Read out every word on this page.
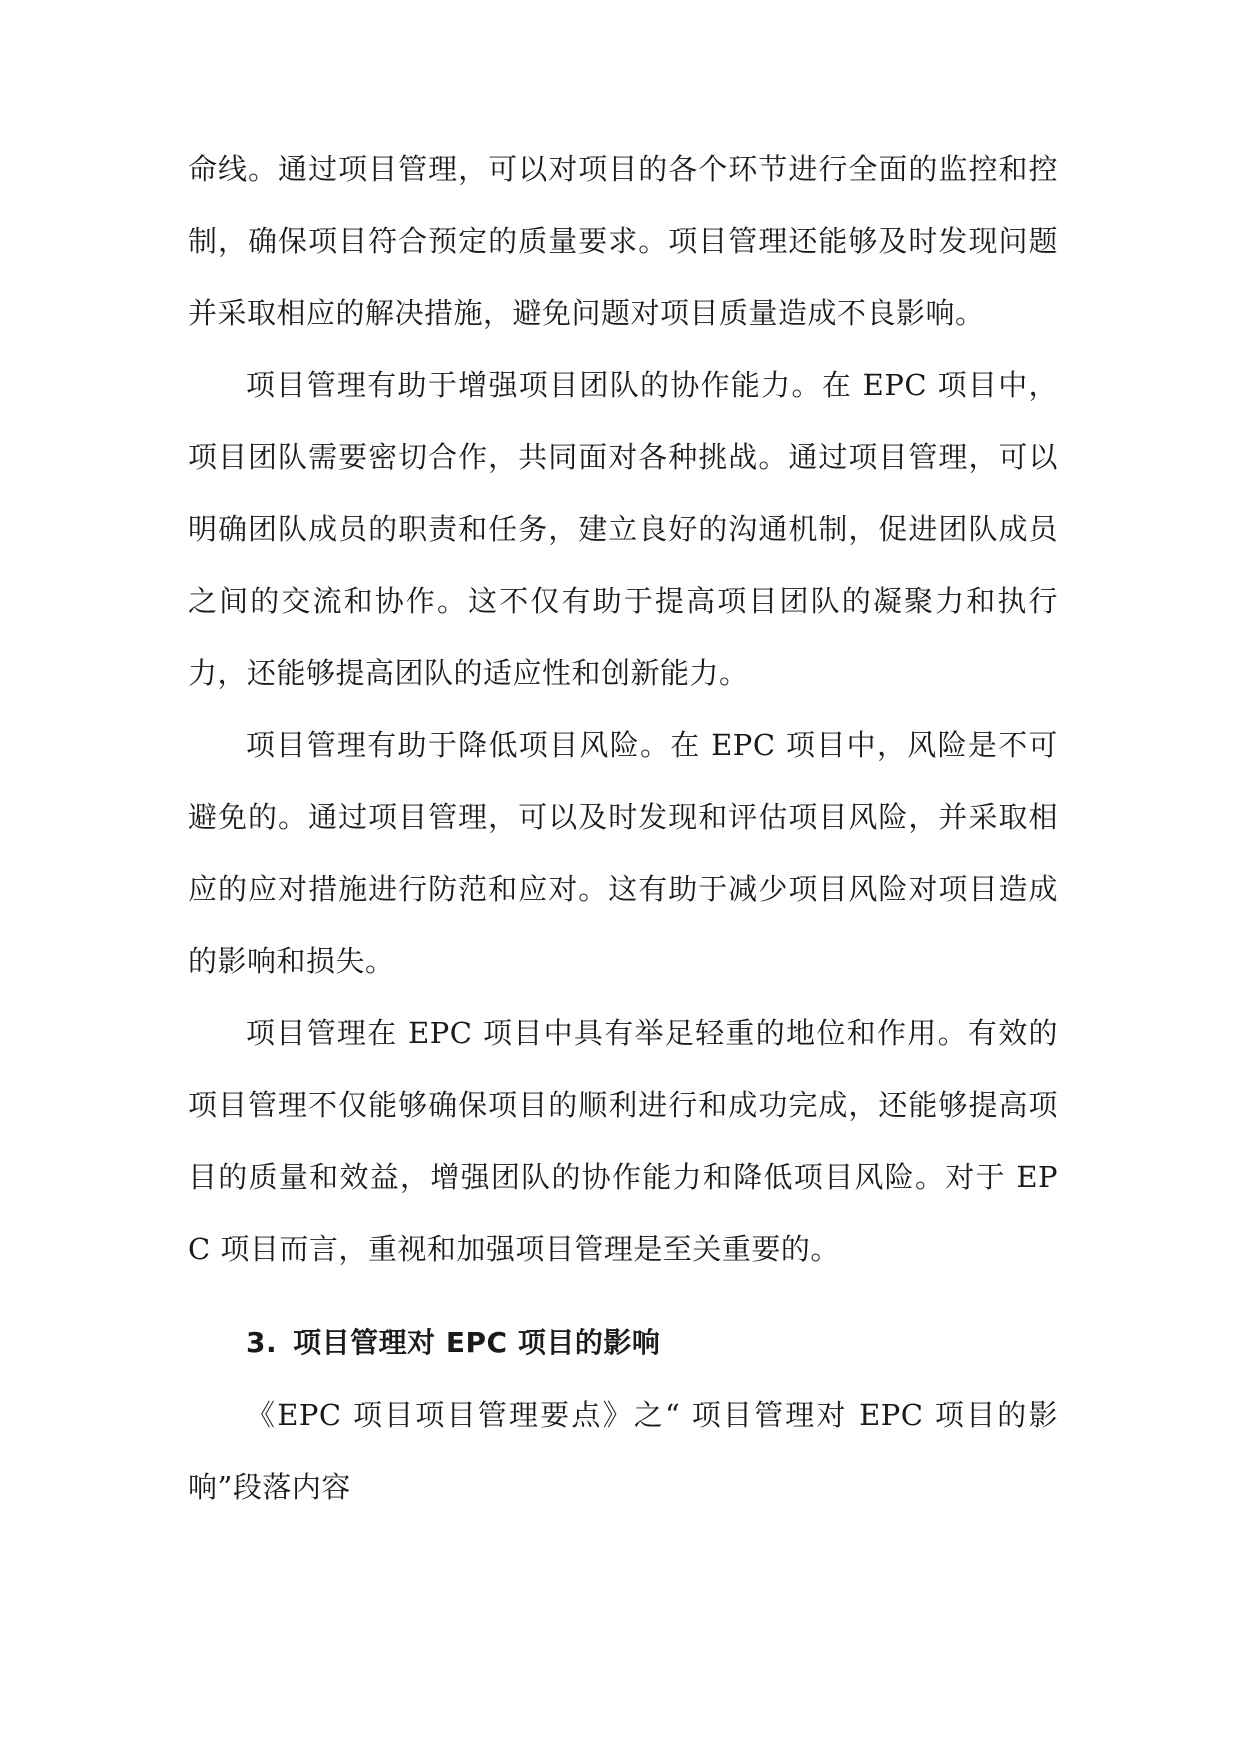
命线。通过项目管理，可以对项目的各个环节进行全面的监控和控制，确保项目符合预定的质量要求。项目管理还能够及时发现问题并采取相应的解决措施，避免问题对项目质量造成不良影响。

项目管理有助于增强项目团队的协作能力。在 EPC 项目中，项目团队需要密切合作，共同面对各种挑战。通过项目管理，可以明确团队成员的职责和任务，建立良好的沟通机制，促进团队成员之间的交流和协作。这不仅有助于提高项目团队的凝聚力和执行力，还能够提高团队的适应性和创新能力。

项目管理有助于降低项目风险。在 EPC 项目中，风险是不可避免的。通过项目管理，可以及时发现和评估项目风险，并采取相应的应对措施进行防范和应对。这有助于减少项目风险对项目造成的影响和损失。

项目管理在 EPC 项目中具有举足轻重的地位和作用。有效的项目管理不仅能够确保项目的顺利进行和成功完成，还能够提高项目的质量和效益，增强团队的协作能力和降低项目风险。对于 EPC 项目而言，重视和加强项目管理是至关重要的。

3. 项目管理对 EPC 项目的影响

《EPC 项目项目管理要点》之“ 项目管理对 EPC 项目的影响”段落内容
